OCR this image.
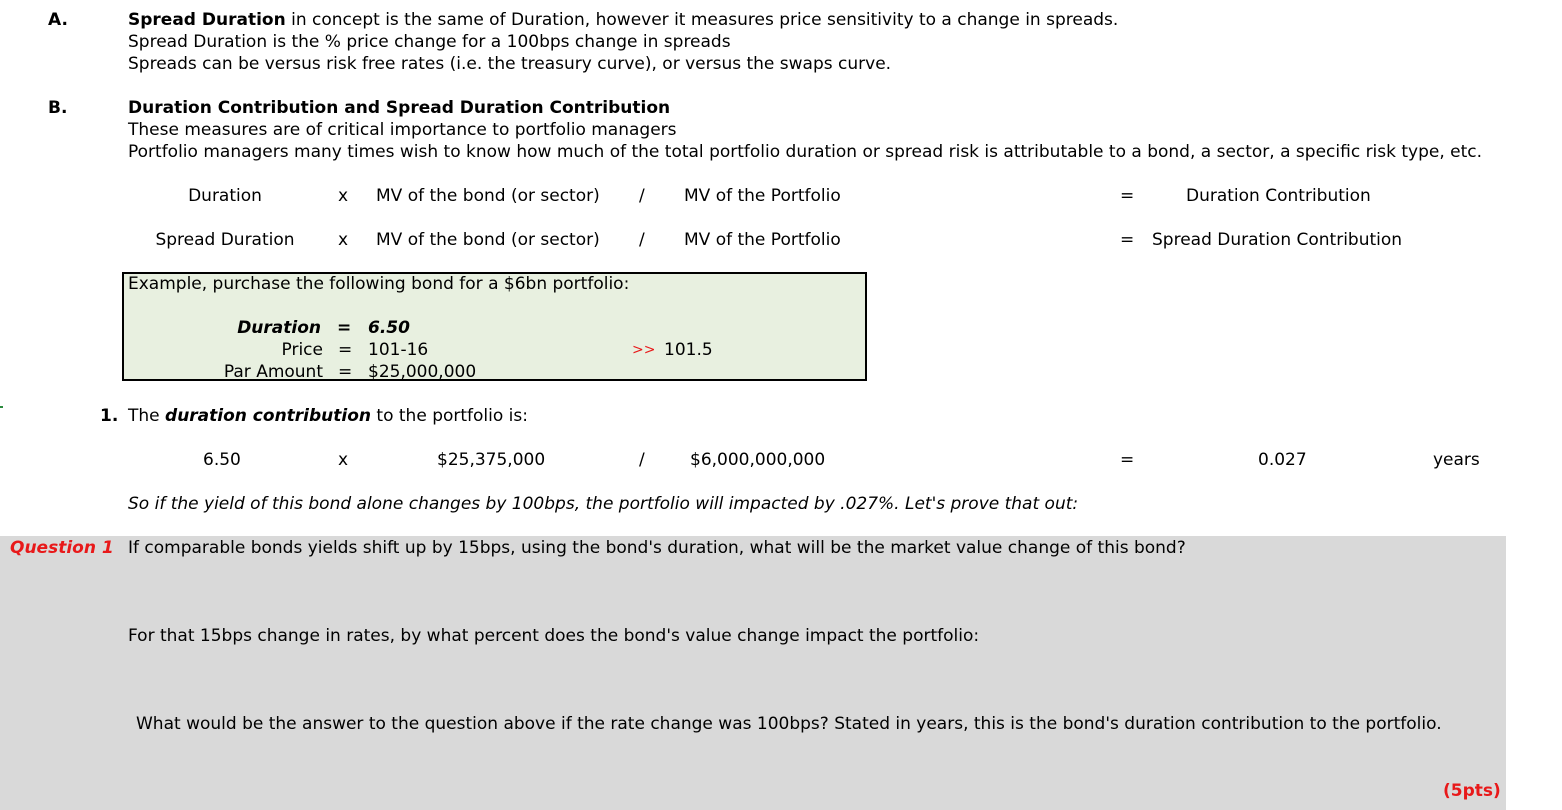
A.	Spread Duration in concept is the same of Duration, however it measures price sensitivity to a change in spreads.
Spread Duration is the % price change for a 100bps change in spreads
Spreads can be versus risk free rates (i.e. the treasury curve), or versus the swaps curve.
B.	Duration Contribution and Spread Duration Contribution
These measures are of critical importance to portfolio managers
Portfolio managers many times wish to know how much of the total portfolio duration or spread risk is attributable to a bond, a sector, a specific risk type, etc.
Duration	x MV of the bond (or sector) / MV of the Portfolio	=	Duration Contribution
Spread Duration	x MV of the bond (or sector) / MV of the Portfolio	= Spread Duration Contribution
Example, purchase the following bond for a $6bn portfolio:
Duration = 6.50
Price = 101-16	>> 101.5
Par Amount = $25,000,000
1. The duration contribution to the portfolio is:
6.50	x	$25,375,000	/	$6,000,000,000	=	0.027	years
So if the yield of this bond alone changes by 100bps, the portfolio will impacted by .027%. Let's prove that out:
Question 1 If comparable bonds yields shift up by 15bps, using the bond's duration, what will be the market value change of this bond?
For that 15bps change in rates, by what percent does the bond's value change impact the portfolio:
What would be the answer to the question above if the rate change was 100bps? Stated in years, this is the bond's duration contribution to the portfolio.
(5pts)
